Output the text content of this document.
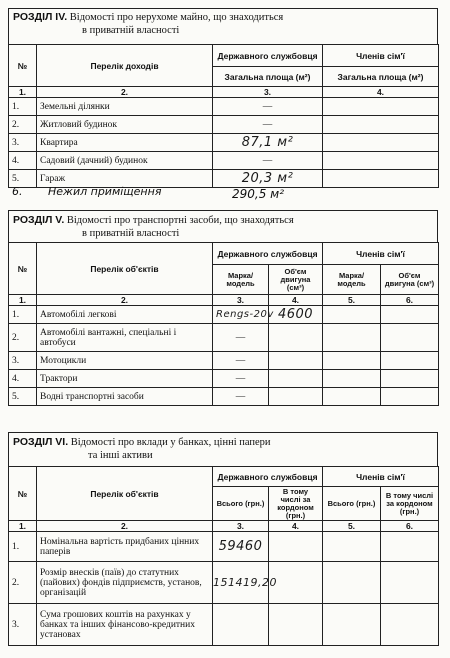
РОЗДІЛ IV. Відомості про нерухоме майно, що знаходиться
в приватній власності
№	Перелік доходів	Державного службовця	Членів сім'ї
		Загальна площа (м²)	Загальна площа (м²)
1.	2.	3.	4.
1.	Земельні ділянки	—	
2.	Житловий будинок	—	
3.	Квартира	87,1 м²	
4.	Садовий (дачний) будинок	—	
5.	Гараж	20,3 м²	
6. Нежил приміщення	290,5 м²
РОЗДІЛ V. Відомості про транспортні засоби, що знаходяться
в приватній власності
№	Перелік об'єктів	Державного службовця		Членів сім'ї	
		Марка/ модель	Об'єм двигуна (см³)	Марка/ модель	Об'єм двигуна (см³)
1.	2.	3.	4.	5.	6.
1.	Автомобілі легкові	Rengs-20v	4600		
2.	Автомобілі вантажні, спеціальні і автобуси	—			
3.	Мотоцикли	—			
4.	Трактори	—			
5.	Водні транспортні засоби	—			
РОЗДІЛ VI. Відомості про вклади у банках, цінні папери
та інші активи
№	Перелік об'єктів	Державного службовця		Членів сім'ї	
		Всього (грн.)	В тому числі за кордоном (грн.)	Всього (грн.)	В тому числі за кордоном (грн.)
1.	2.	3.	4.	5.	6.
1.	Номінальна вартість придбаних цінних паперів	59460			
2.	Розмір внесків (паїв) до статутних (пайових) фондів підприємств, установ, організацій	151419,20			
3.	Сума грошових коштів на рахунках у банках та інших фінансово-кредитних установах				
